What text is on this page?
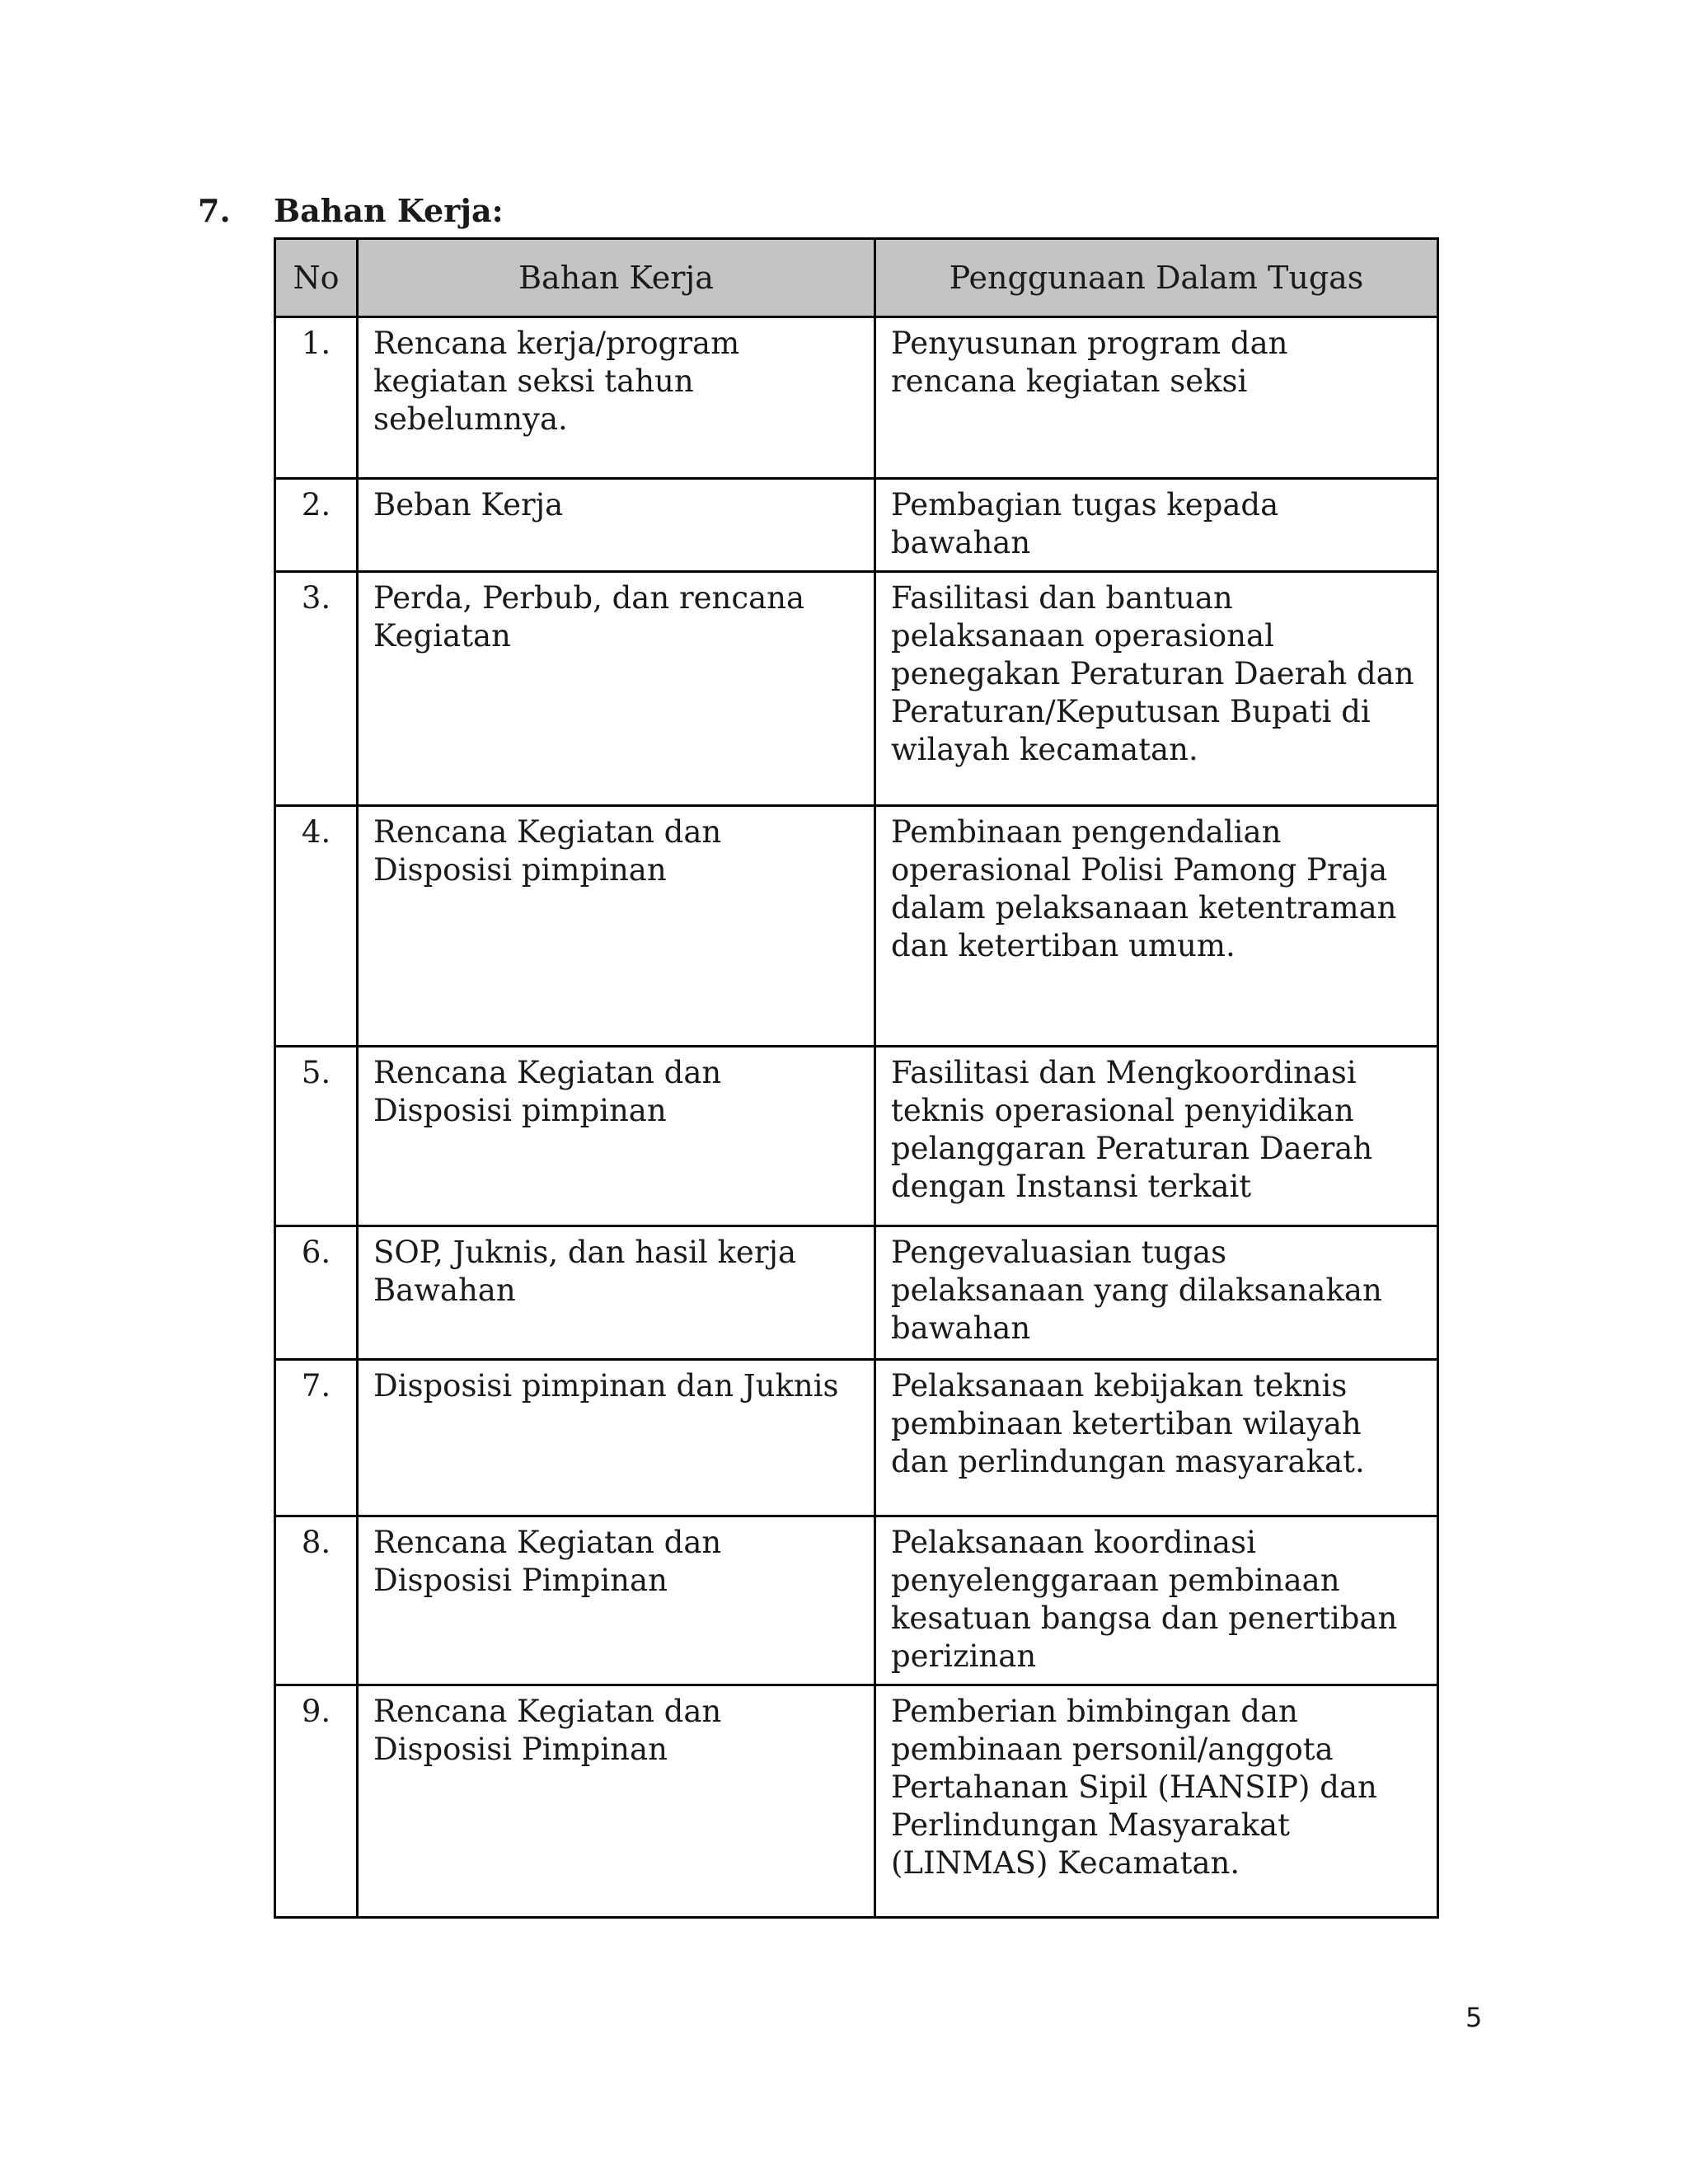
7. Bahan Kerja:
No	Bahan Kerja	Penggunaan Dalam Tugas
1.	Rencana kerja/program kegiatan seksi tahun sebelumnya.	Penyusunan program dan rencana kegiatan seksi
2.	Beban Kerja	Pembagian tugas kepada bawahan
3.	Perda, Perbub, dan rencana Kegiatan	Fasilitasi dan bantuan pelaksanaan operasional penegakan Peraturan Daerah dan Peraturan/Keputusan Bupati di wilayah kecamatan.
4.	Rencana Kegiatan dan Disposisi pimpinan	Pembinaan pengendalian operasional Polisi Pamong Praja dalam pelaksanaan ketentraman dan ketertiban umum.
5.	Rencana Kegiatan dan Disposisi pimpinan	Fasilitasi dan Mengkoordinasi teknis operasional penyidikan pelanggaran Peraturan Daerah dengan Instansi terkait
6.	SOP, Juknis, dan hasil kerja Bawahan	Pengevaluasian tugas pelaksanaan yang dilaksanakan bawahan
7.	Disposisi pimpinan dan Juknis	Pelaksanaan kebijakan teknis pembinaan ketertiban wilayah dan perlindungan masyarakat.
8.	Rencana Kegiatan dan Disposisi Pimpinan	Pelaksanaan koordinasi penyelenggaraan pembinaan kesatuan bangsa dan penertiban perizinan
9.	Rencana Kegiatan dan Disposisi Pimpinan	Pemberian bimbingan dan pembinaan personil/anggota Pertahanan Sipil (HANSIP) dan Perlindungan Masyarakat (LINMAS) Kecamatan.
5
